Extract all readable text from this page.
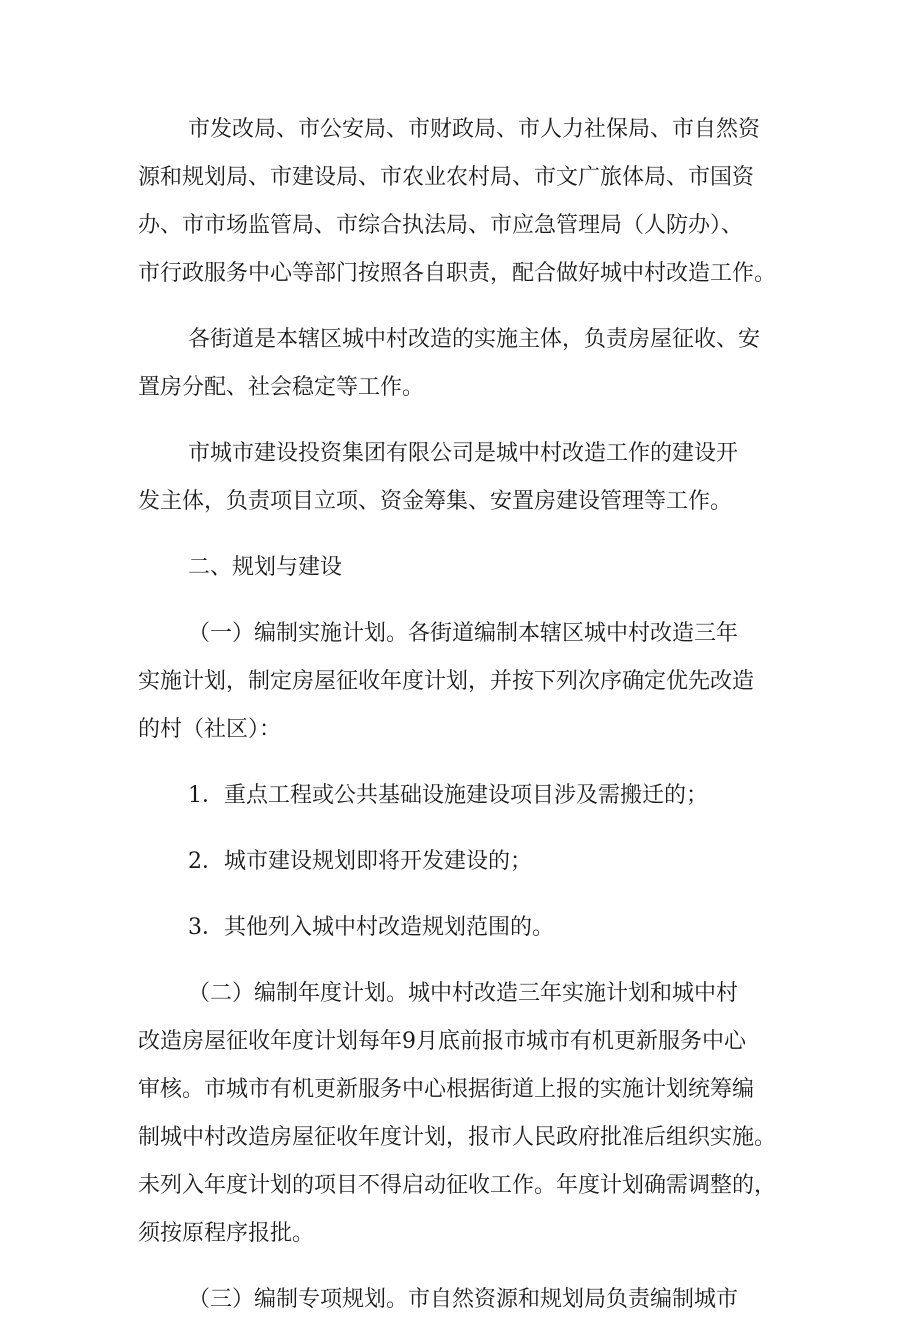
市发改局、市公安局、市财政局、市人力社保局、市自然资
源和规划局、市建设局、市农业农村局、市文广旅体局、市国资
办、市市场监管局、市综合执法局、市应急管理局（人防办）、
市行政服务中心等部门按照各自职责，配合做好城中村改造工作。
各街道是本辖区城中村改造的实施主体，负责房屋征收、安
置房分配、社会稳定等工作。
市城市建设投资集团有限公司是城中村改造工作的建设开
发主体，负责项目立项、资金筹集、安置房建设管理等工作。
二、规划与建设
（一）编制实施计划。各街道编制本辖区城中村改造三年
实施计划，制定房屋征收年度计划，并按下列次序确定优先改造
的村（社区）：
1．重点工程或公共基础设施建设项目涉及需搬迁的；
2．城市建设规划即将开发建设的；
3．其他列入城中村改造规划范围的。
（二）编制年度计划。城中村改造三年实施计划和城中村
改造房屋征收年度计划每年9月底前报市城市有机更新服务中心
审核。市城市有机更新服务中心根据街道上报的实施计划统筹编
制城中村改造房屋征收年度计划，报市人民政府批准后组织实施。
未列入年度计划的项目不得启动征收工作。年度计划确需调整的，
须按原程序报批。
（三）编制专项规划。市自然资源和规划局负责编制城市
